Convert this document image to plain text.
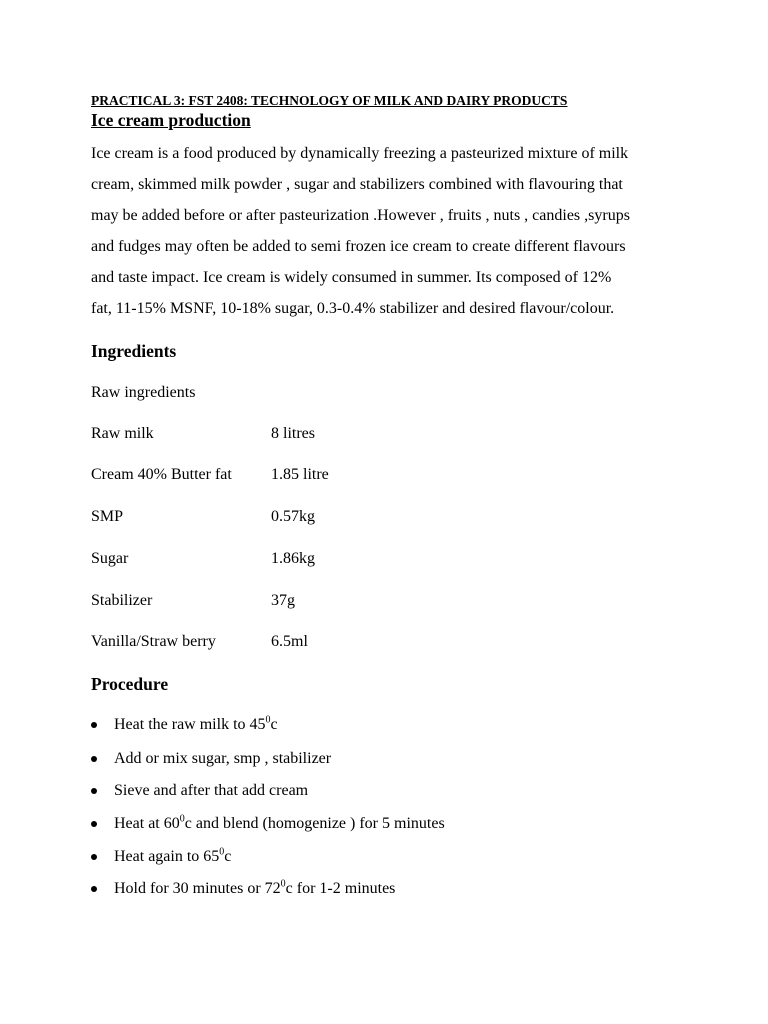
PRACTICAL 3: FST 2408: TECHNOLOGY OF MILK AND DAIRY PRODUCTS
Ice cream production
Ice cream is a food produced by dynamically freezing a pasteurized mixture of milk
cream, skimmed milk powder , sugar and stabilizers combined with flavouring that
may be added before or after pasteurization .However , fruits , nuts , candies ,syrups
and fudges may often be added to semi frozen ice cream to create different flavours
and taste impact. Ice cream is widely consumed in summer. Its composed of 12%
fat, 11-15% MSNF, 10-18% sugar, 0.3-0.4% stabilizer and desired flavour/colour.
Ingredients
Raw ingredients
Raw milk	8 litres
Cream 40% Butter fat 1.85 litre
SMP	0.57kg
Sugar	1.86kg
Stabilizer	37g
Vanilla/Straw berry	6.5ml
Procedure
Heat the raw milk to $45^0c$
Add or mix sugar, smp , stabilizer
Sieve and after that add cream
Heat at $60^0c$ and blend (homogenize ) for 5 minutes
Heat again to $65^0c$
Hold for 30 minutes or $72^0c$ for 1-2 minutes
